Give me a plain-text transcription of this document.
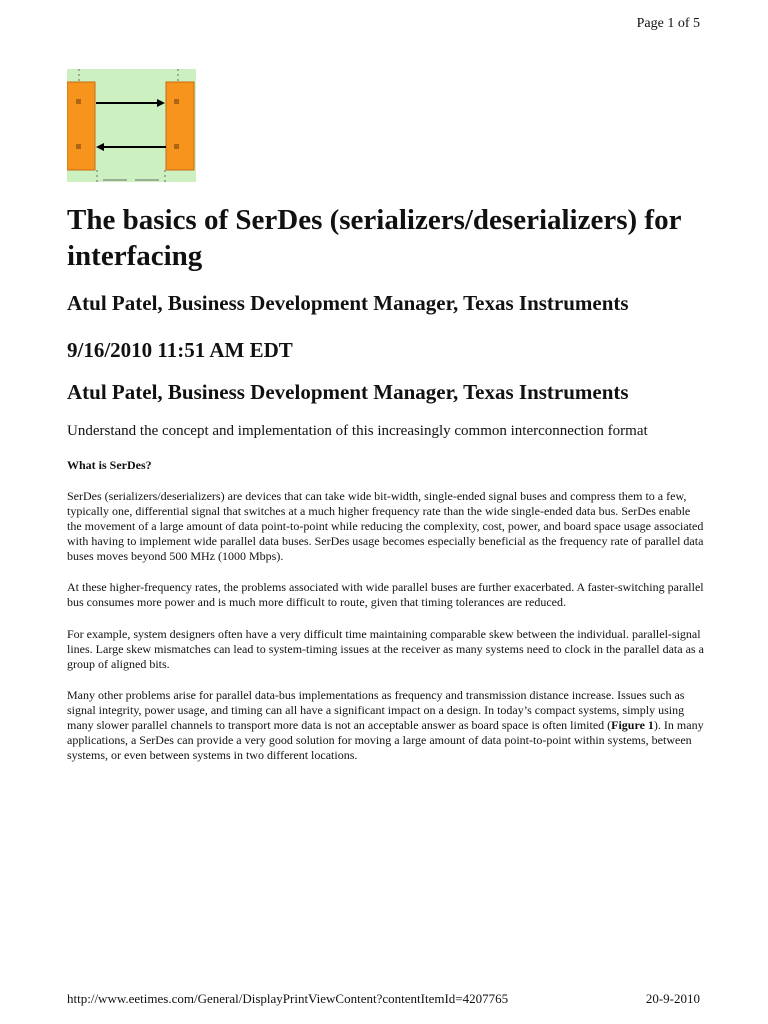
Page 1 of 5
The basics of SerDes (serializers/deserializers) for interfacing
Atul Patel, Business Development Manager, Texas Instruments
9/16/2010 11:51 AM EDT
Atul Patel, Business Development Manager, Texas Instruments
Understand the concept and implementation of this increasingly common interconnection format
What is SerDes?

SerDes (serializers/deserializers) are devices that can take wide bit-width, single-ended signal buses and compress them to a few, typically one, differential signal that switches at a much higher frequency rate than the wide single-ended data bus. SerDes enable the movement of a large amount of data point-to-point while reducing the complexity, cost, power, and board space usage associated with having to implement wide parallel data buses. SerDes usage becomes especially beneficial as the frequency rate of parallel data buses moves beyond 500 MHz (1000 Mbps).

At these higher-frequency rates, the problems associated with wide parallel buses are further exacerbated. A faster-switching parallel bus consumes more power and is much more difficult to route, given that timing tolerances are reduced.

For example, system designers often have a very difficult time maintaining comparable skew between the individual. parallel-signal lines. Large skew mismatches can lead to system-timing issues at the receiver as many systems need to clock in the parallel data as a group of aligned bits.

Many other problems arise for parallel data-bus implementations as frequency and transmission distance increase. Issues such as signal integrity, power usage, and timing can all have a significant impact on a design. In today’s compact systems, simply using many slower parallel channels to transport more data is not an acceptable answer as board space is often limited (Figure 1). In many applications, a SerDes can provide a very good solution for moving a large amount of data point-to-point within systems, between systems, or even between systems in two different locations.

http://www.eetimes.com/General/DisplayPrintViewContent?contentItemId=4207765	20-9-2010
